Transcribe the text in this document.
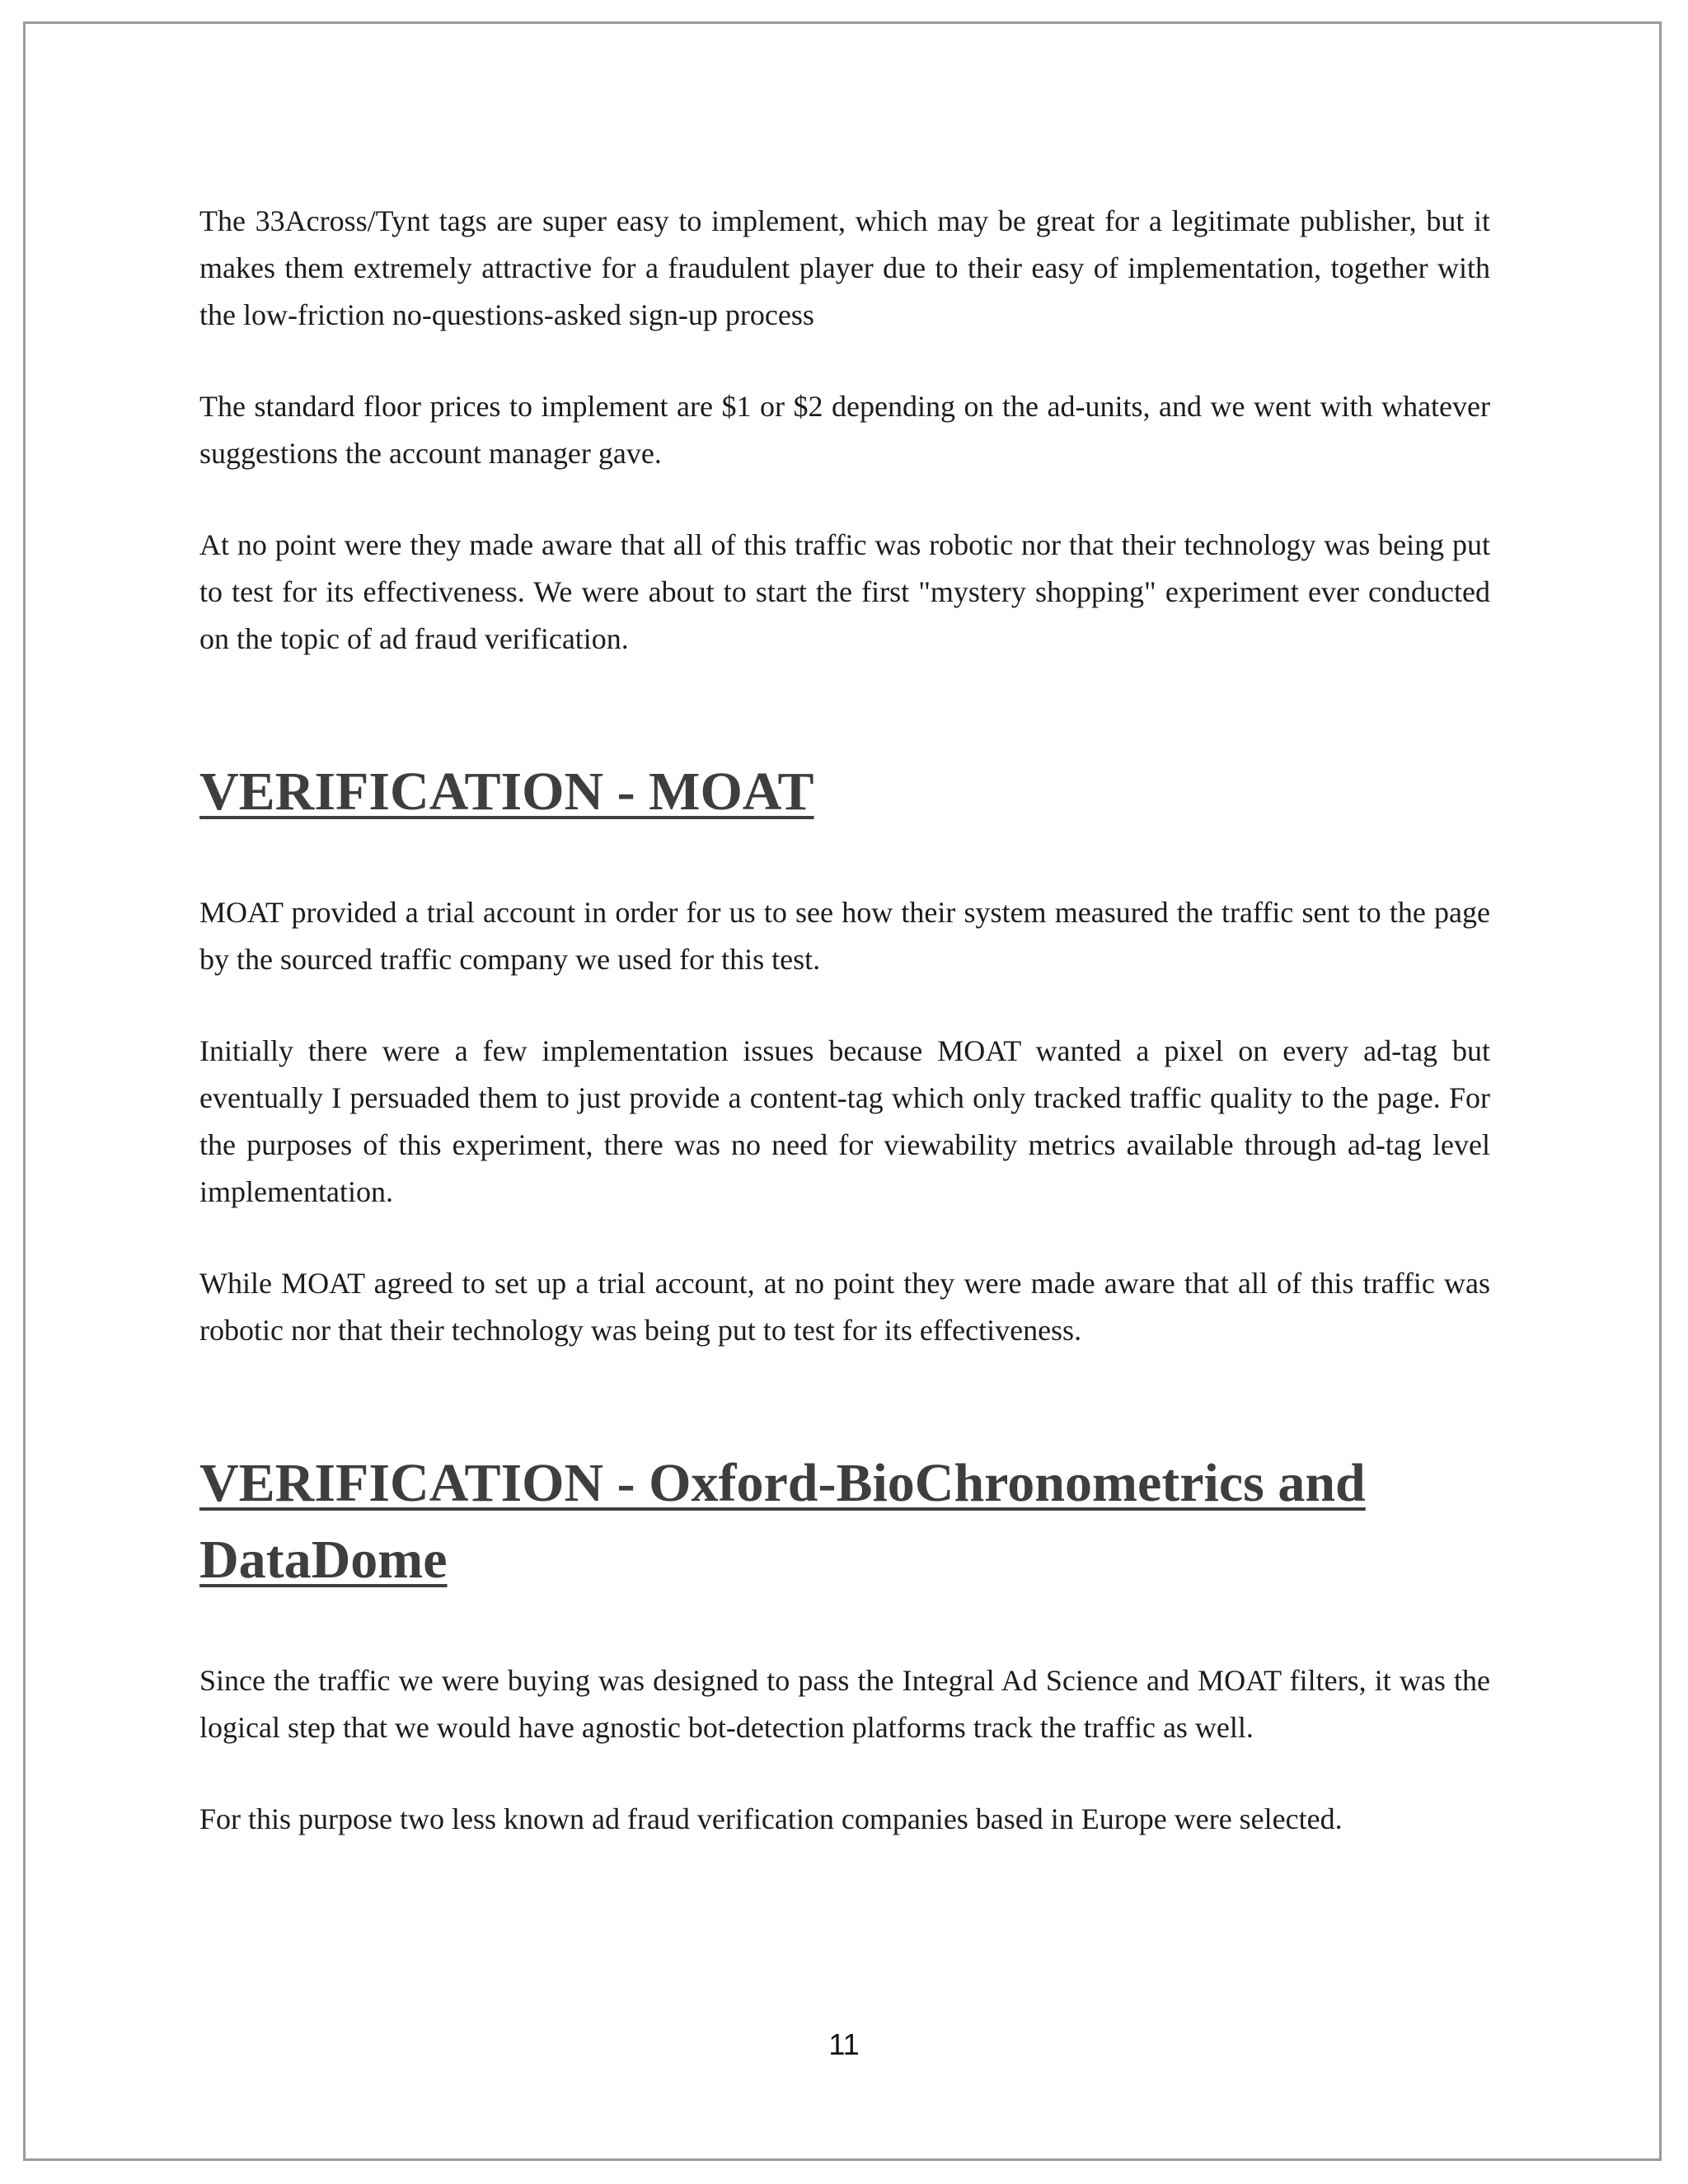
The 33Across/Tynt tags are super easy to implement, which may be great for a legitimate publisher, but it makes them extremely attractive for a fraudulent player due to their easy of implementation, together with the low-friction no-questions-asked sign-up process

The standard floor prices to implement are $1 or $2 depending on the ad-units, and we went with whatever suggestions the account manager gave.

At no point were they made aware that all of this traffic was robotic nor that their technology was being put to test for its effectiveness. We were about to start the first "mystery shopping" experiment ever conducted on the topic of ad fraud verification.

VERIFICATION - MOAT

MOAT provided a trial account in order for us to see how their system measured the traffic sent to the page by the sourced traffic company we used for this test.

Initially there were a few implementation issues because MOAT wanted a pixel on every ad-tag but eventually I persuaded them to just provide a content-tag which only tracked traffic quality to the page. For the purposes of this experiment, there was no need for viewability metrics available through ad-tag level implementation.

While MOAT agreed to set up a trial account, at no point they were made aware that all of this traffic was robotic nor that their technology was being put to test for its effectiveness.

VERIFICATION - Oxford-BioChronometrics and DataDome

Since the traffic we were buying was designed to pass the Integral Ad Science and MOAT filters, it was the logical step that we would have agnostic bot-detection platforms track the traffic as well.

For this purpose two less known ad fraud verification companies based in Europe were selected.

11
